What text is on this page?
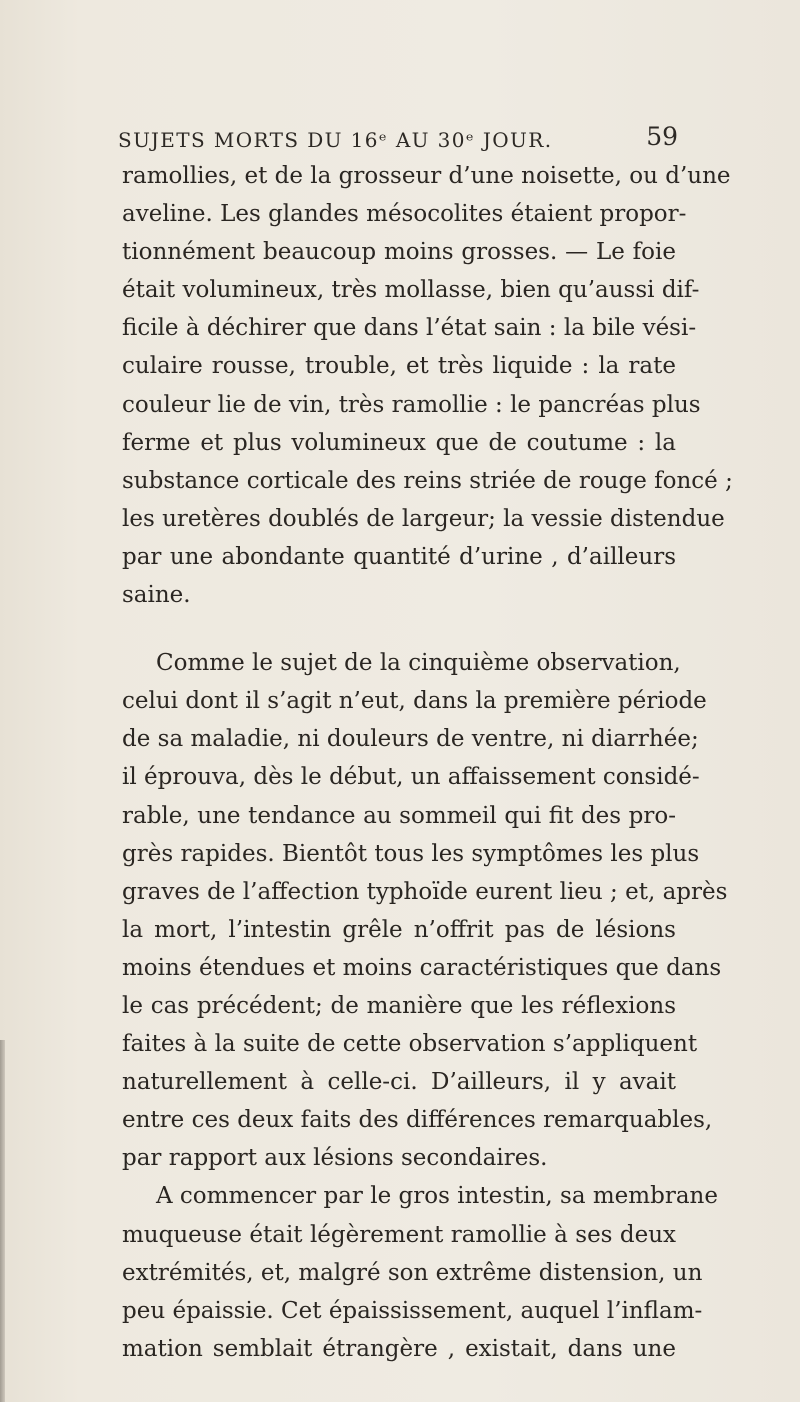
SUJETS MORTS DU 16ᵉ AU 30ᵉ JOUR.	59
ramollies, et de la grosseur d’une noisette, ou d’une
aveline. Les glandes mésocolites étaient propor-
tionnément beaucoup moins grosses. — Le foie
était volumineux, très mollasse, bien qu’aussi dif-
ficile à déchirer que dans l’état sain : la bile vési-
culaire rousse, trouble, et très liquide : la rate
couleur lie de vin, très ramollie : le pancréas plus
ferme et plus volumineux que de coutume : la
substance corticale des reins striée de rouge foncé ;
les uretères doublés de largeur; la vessie distendue
par une abondante quantité d’urine , d’ailleurs
saine.
Comme le sujet de la cinquième observation,
celui dont il s’agit n’eut, dans la première période
de sa maladie, ni douleurs de ventre, ni diarrhée;
il éprouva, dès le début, un affaissement considé-
rable, une tendance au sommeil qui fit des pro-
grès rapides. Bientôt tous les symptômes les plus
graves de l’affection typhoïde eurent lieu ; et, après
la mort, l’intestin grêle n’offrit pas de lésions
moins étendues et moins caractéristiques que dans
le cas précédent; de manière que les réflexions
faites à la suite de cette observation s’appliquent
naturellement à celle-ci. D’ailleurs, il y avait
entre ces deux faits des différences remarquables,
par rapport aux lésions secondaires.
A commencer par le gros intestin, sa membrane
muqueuse était légèrement ramollie à ses deux
extrémités, et, malgré son extrême distension, un
peu épaissie. Cet épaississement, auquel l’inflam-
mation semblait étrangère , existait, dans une
